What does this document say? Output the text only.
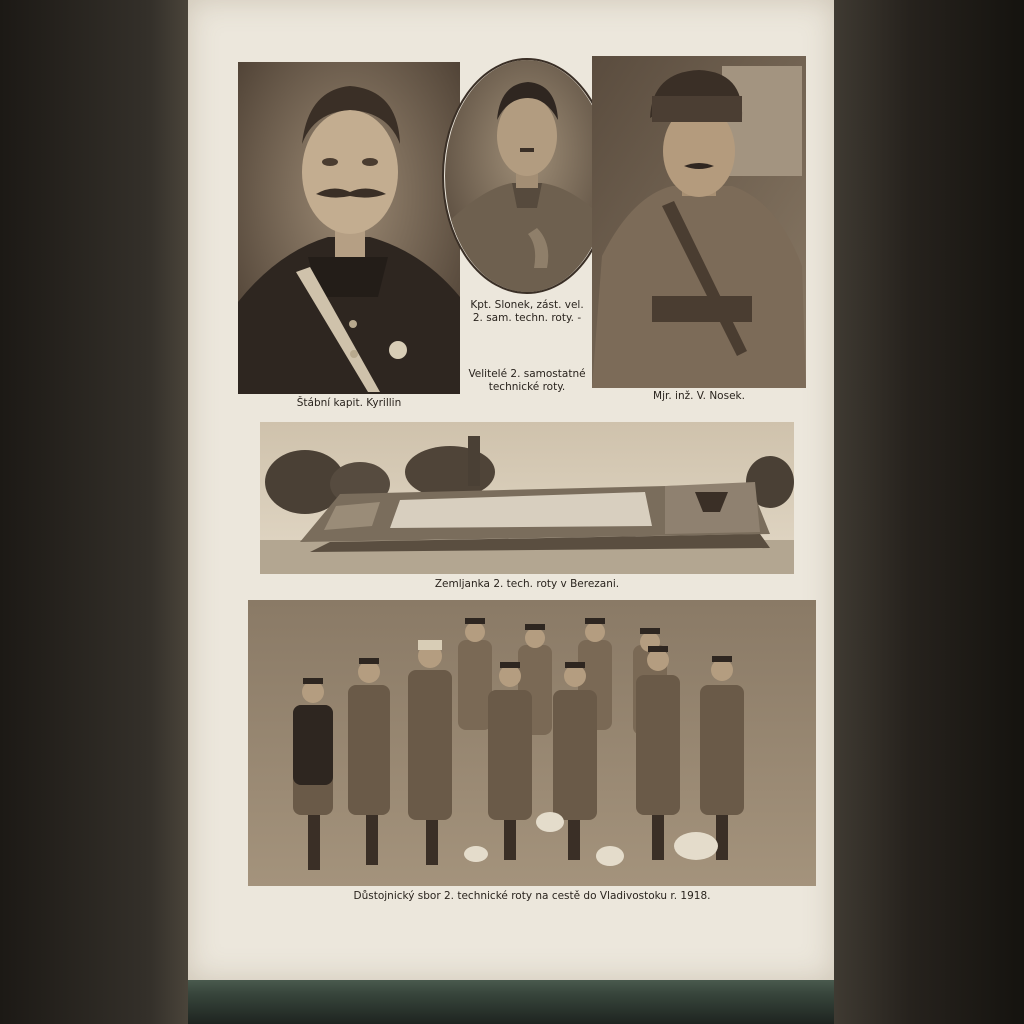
Štábní kapit. Kyrillin
Kpt. Slonek, zást. vel.
2. sam. techn. roty. -
Velitelé 2. samostatné
technické roty.
Mjr. inž. V. Nosek.
Zemljanka 2. tech. roty v Berezani.
Důstojnický sbor 2. technické roty na cestě do Vladivostoku r. 1918.
